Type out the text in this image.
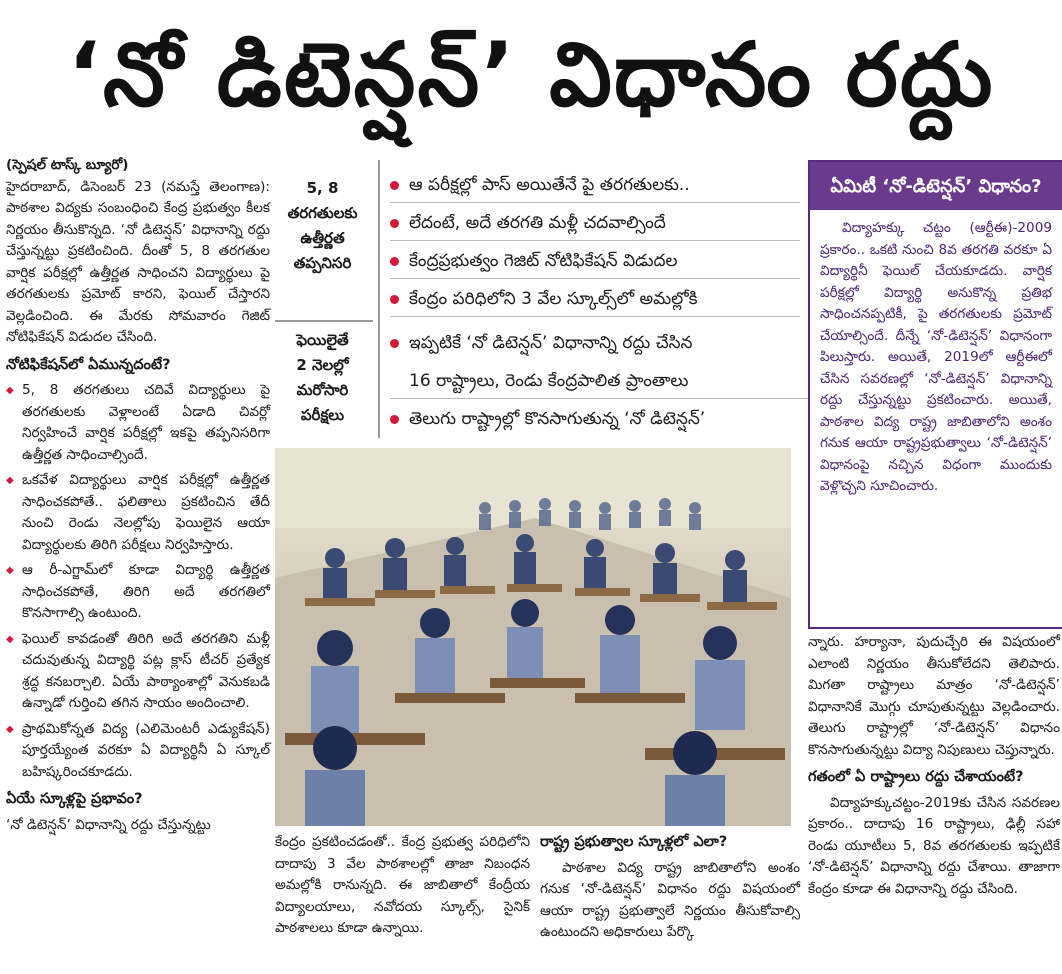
‘నో డిటెన్షన్’ విధానం రద్దు

(స్పెషల్ టాస్క్ బ్యూరో)

హైదరాబాద్, డిసెంబర్ 23 (నమస్తే తెలంగాణ): పాఠశాల విద్యకు సంబంధించి కేంద్ర ప్రభుత్వం కీలక నిర్ణయం తీసుకొన్నది. ‘నో డిటెన్షన్’ విధానాన్ని రద్దు చేస్తున్నట్టు ప్రకటించింది. దీంతో 5, 8 తరగతుల వార్షిక పరీక్షల్లో ఉత్తీర్ణత సాధించని విద్యార్థులు పై తరగతులకు ప్రమోట్ కారని, ఫెయిల్ చేస్తారని వెల్లడించింది. ఈ మేరకు సోమవారం గెజిట్ నోటిఫికేషన్ విడుదల చేసింది.

నోటిఫికేషన్‌లో ఏమున్నదంటే?
◆ 5, 8 తరగతులు చదివే విద్యార్థులు పై తరగతులకు వెళ్లాలంటే ఏడాది చివర్లో నిర్వహించే వార్షిక పరీక్షల్లో ఇకపై తప్పనిసరిగా ఉత్తీర్ణత సాధించాల్సిందే.
◆ ఒకవేళ విద్యార్థులు వార్షిక పరీక్షల్లో ఉత్తీర్ణత సాధించకపోతే.. ఫలితాలు ప్రకటించిన తేదీ నుంచి రెండు నెలల్లోపు ఫెయిలైన ఆయా విద్యార్థులకు తిరిగి పరీక్షలు నిర్వహిస్తారు.
◆ ఆ రీ-ఎగ్జామ్‌లో కూడా విద్యార్థి ఉత్తీర్ణత సాధించకపోతే, తిరిగి అదే తరగతిలో కొనసాగాల్సి ఉంటుంది.
◆ ఫెయిల్ కావడంతో తిరిగి అదే తరగతిని మళ్లీ చదువుతున్న విద్యార్థి పట్ల క్లాస్ టీచర్ ప్రత్యేక శ్రద్ధ కనబర్చాలి. ఏయే పాఠ్యాంశాల్లో వెనుకబడి ఉన్నాడో గుర్తించి తగిన సాయం అందించాలి.
◆ ప్రాథమికోన్నత విద్య (ఎలిమెంటరీ ఎడ్యుకేషన్) పూర్తయ్యేంత వరకూ ఏ విద్యార్థినీ ఏ స్కూల్ బహిష్కరించకూడదు.
ఏయే స్కూళ్లపై ప్రభావం?

‘నో డిటెన్షన్’ విధానాన్ని రద్దు చేస్తున్నట్టు

5, 8
తరగతులకు
ఉత్తీర్ణత
తప్పనిసరి
ఫెయిలైతే
2 నెలల్లో
మరోసారి
పరీక్షలు
ఆ పరీక్షల్లో పాస్ అయితేనే పై తరగతులకు..
లేదంటే, అదే తరగతి మళ్లీ చదవాల్సిందే
కేంద్రప్రభుత్వం గెజిట్ నోటిఫికేషన్ విడుదల
కేంద్రం పరిధిలోని 3 వేల స్కూల్స్‌లో అమల్లోకి
ఇప్పటికే ‘నో డిటెన్షన్’ విధానాన్ని రద్దు చేసిన
16 రాష్ట్రాలు, రెండు కేంద్రపాలిత ప్రాంతాలు
తెలుగు రాష్ట్రాల్లో కొనసాగుతున్న ‘నో డిటెన్షన్’
ఏమిటీ ‘నో-డిటెన్షన్’ విధానం?
విద్యాహక్కు చట్టం (ఆర్టీఈ)-2009 ప్రకారం.. ఒకటి నుంచి 8వ తరగతి వరకూ ఏ విద్యార్థినీ ఫెయిల్ చేయకూడదు. వార్షిక పరీక్షల్లో విద్యార్థి అనుకొన్న ప్రతిభ సాధించనప్పటికీ, పై తరగతులకు ప్రమోట్ చేయాల్సిందే. దీన్నే ‘నో-డిటెన్షన్’ విధానంగా పిలుస్తారు. అయితే, 2019లో ఆర్టీఈలో చేసిన సవరణల్లో ‘నో-డిటెన్షన్’ విధానాన్ని రద్దు చేస్తున్నట్టు ప్రకటించారు. అయితే, పాఠశాల విద్య రాష్ట్ర జాబితాలోని అంశం గనుక ఆయా రాష్ట్రప్రభుత్వాలు ‘నో-డిటెన్షన్’ విధానంపై నచ్చిన విధంగా ముందుకు వెళ్లొచ్చని సూచించారు.

న్నారు. హర్యానా, పుదుచ్చేరి ఈ విషయంలో ఎలాంటి నిర్ణయం తీసుకోలేదని తెలిపారు. మిగతా రాష్ట్రాలు మాత్రం ‘నో-డిటెన్షన్’ విధానానికే మొగ్గు చూపుతున్నట్టు వెల్లడించారు. తెలుగు రాష్ట్రాల్లో ‘నో-డిటెన్షన్’ విధానం కొనసాగుతున్నట్టు విద్యా నిపుణులు చెప్తున్నారు.

గతంలో ఏ రాష్ట్రాలు రద్దు చేశాయంటే?

విద్యాహక్కుచట్టం-2019కు చేసిన సవరణల ప్రకారం.. దాదాపు 16 రాష్ట్రాలు, ఢిల్లీ సహా రెండు యూటీలు 5, 8వ తరగతులకు ఇప్పటికే ‘నో-డిటెన్షన్’ విధానాన్ని రద్దు చేశాయి. తాజాగా కేంద్రం కూడా ఈ విధానాన్ని రద్దు చేసింది.

కేంద్రం ప్రకటించడంతో.. కేంద్ర ప్రభుత్వ పరిధిలోని దాదాపు 3 వేల పాఠశాలల్లో తాజా నిబంధన అమల్లోకి రానున్నది. ఈ జాబితాలో కేంద్రీయ విద్యాలయాలు, నవోదయ స్కూల్స్, సైనిక్ పాఠశాలలు కూడా ఉన్నాయి.

రాష్ట్ర ప్రభుత్వాల స్కూళ్లలో ఎలా?

పాఠశాల విద్య రాష్ట్ర జాబితాలోని అంశం గనుక ‘నో-డిటెన్షన్’ విధానం రద్దు విషయంలో ఆయా రాష్ట్ర ప్రభుత్వాలే నిర్ణయం తీసుకోవాల్సి ఉంటుందని అధికారులు పేర్కొ
